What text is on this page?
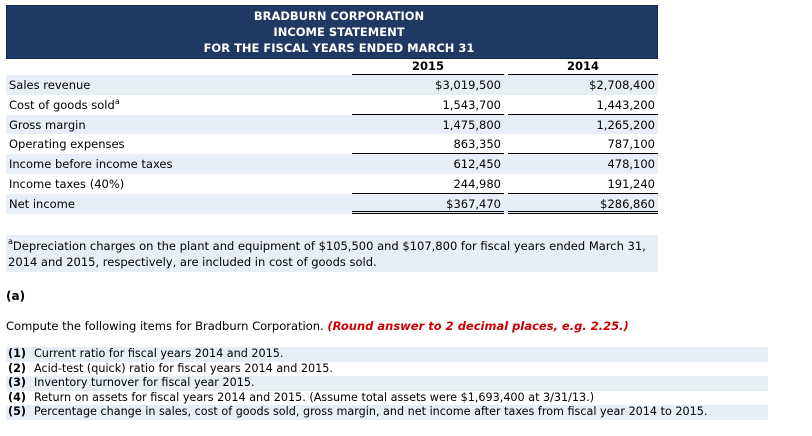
BRADBURN CORPORATION
INCOME STATEMENT
FOR THE FISCAL YEARS ENDED MARCH 31
2015	2014
Sales revenue	$3,019,500	$2,708,400
Cost of goods sold$^a$	1,543,700	1,443,200
Gross margin	1,475,800	1,265,200
Operating expenses	863,350	787,100
Income before income taxes	612,450	478,100
Income taxes (40%)	244,980	191,240
Net income	$367,470	$286,860
$^a$Depreciation charges on the plant and equipment of $105,500 and $107,800 for fiscal years ended March 31, 2014 and 2015, respectively, are included in cost of goods sold.
(a)
Compute the following items for Bradburn Corporation. (Round answer to 2 decimal places, e.g. 2.25.)
(1) Current ratio for fiscal years 2014 and 2015.
(2) Acid-test (quick) ratio for fiscal years 2014 and 2015.
(3) Inventory turnover for fiscal year 2015.
(4) Return on assets for fiscal years 2014 and 2015. (Assume total assets were $1,693,400 at 3/31/13.)
(5) Percentage change in sales, cost of goods sold, gross margin, and net income after taxes from fiscal year 2014 to 2015.
